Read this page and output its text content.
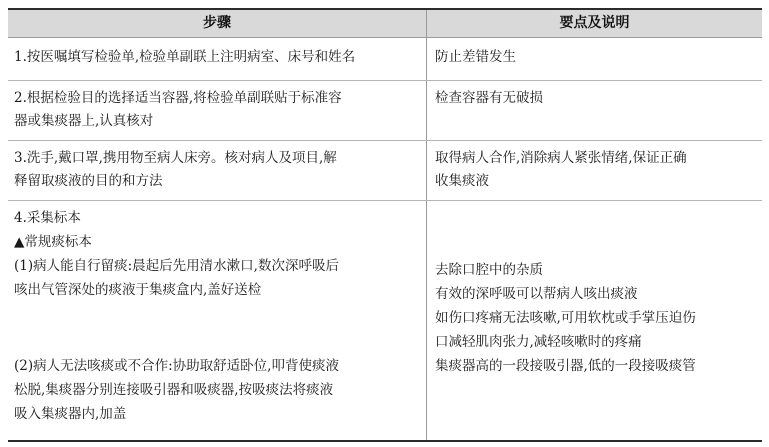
步骤	要点及说明
1.按医嘱填写检验单,检验单副联上注明病室、床号和姓名	防止差错发生
2.根据检验目的选择适当容器,将检验单副联贴于标准容
器或集痰器上,认真核对
检查容器有无破损
3.洗手,戴口罩,携用物至病人床旁。核对病人及项目,解
释留取痰液的目的和方法
取得病人合作,消除病人紧张情绪,保证正确
收集痰液
4.采集标本
▲常规痰标本
(1)病人能自行留痰:晨起后先用清水漱口,数次深呼吸后
咳出气管深处的痰液于集痰盒内,盖好送检
(2)病人无法咳痰或不合作:协助取舒适卧位,叩背使痰液
松脱,集痰器分别连接吸引器和吸痰器,按吸痰法将痰液
吸入集痰器内,加盖
去除口腔中的杂质
有效的深呼吸可以帮病人咳出痰液
如伤口疼痛无法咳嗽,可用软枕或手掌压迫伤
口减轻肌肉张力,减轻咳嗽时的疼痛
集痰器高的一段接吸引器,低的一段接吸痰管
